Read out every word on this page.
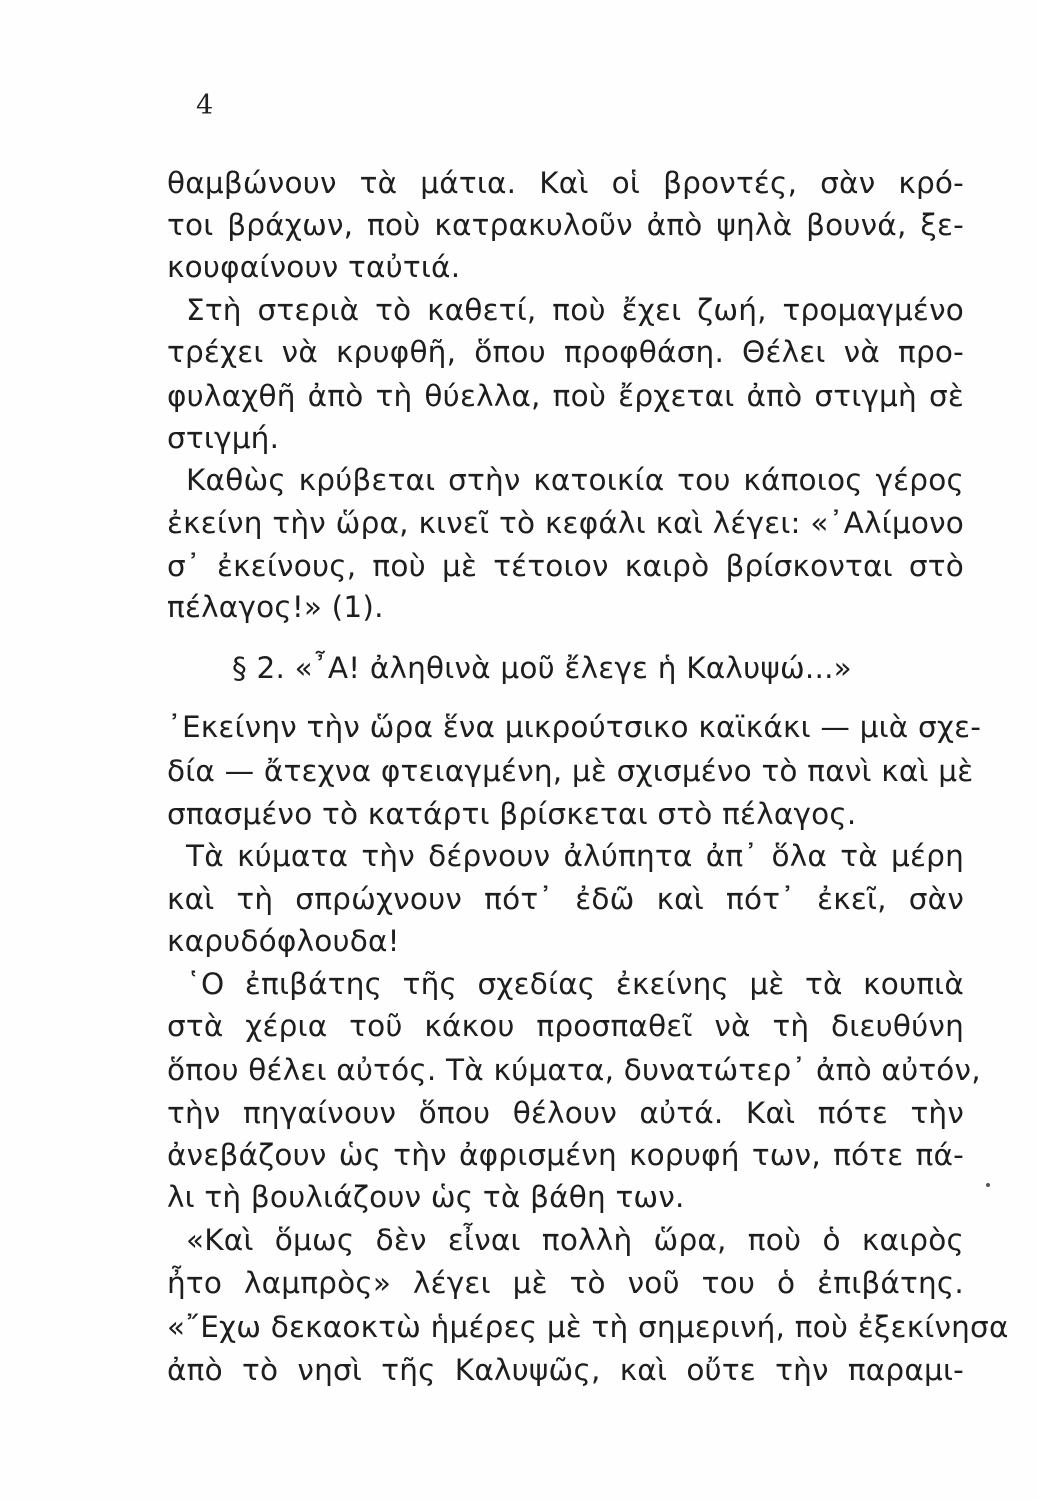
4
θαμβώνουν τὰ μάτια. Καὶ οἱ βροντές, σὰν κρό-
τοι βράχων, ποὺ κατρακυλοῦν ἀπὸ ψηλὰ βουνά, ξε-
κουφαίνουν ταὐτιά.
Στὴ στεριὰ τὸ καθετί, ποὺ ἔχει ζωή, τρομαγμένο
τρέχει νὰ κρυφθῆ, ὅπου προφθάση. Θέλει νὰ προ-
φυλαχθῆ ἀπὸ τὴ θύελλα, ποὺ ἔρχεται ἀπὸ στιγμὴ σὲ
στιγμή.
Καθὼς κρύβεται στὴν κατοικία του κάποιος γέρος
ἐκείνη τὴν ὥρα, κινεῖ τὸ κεφάλι καὶ λέγει: «᾿Αλίμονο
σ᾿ ἐκείνους, ποὺ μὲ τέτοιον καιρὸ βρίσκονται στὸ
πέλαγος!» (1).
§ 2. «῏Α! ἀληθινὰ μοῦ ἔλεγε ἡ Καλυψώ...»
᾿Εκείνην τὴν ὥρα ἕνα μικρούτσικο καϊκάκι — μιὰ σχε-
δία — ἄτεχνα φτειαγμένη, μὲ σχισμένο τὸ πανὶ καὶ μὲ
σπασμένο τὸ κατάρτι βρίσκεται στὸ πέλαγος.
Τὰ κύματα τὴν δέρνουν ἀλύπητα ἀπ᾿ ὅλα τὰ μέρη
καὶ τὴ σπρώχνουν πότ᾿ ἐδῶ καὶ πότ᾿ ἐκεῖ, σὰν
καρυδόφλουδα!
῾Ο ἐπιβάτης τῆς σχεδίας ἐκείνης μὲ τὰ κουπιὰ
στὰ χέρια τοῦ κάκου προσπαθεῖ νὰ τὴ διευθύνη
ὅπου θέλει αὐτός. Τὰ κύματα, δυνατώτερ᾿ ἀπὸ αὐτόν,
τὴν πηγαίνουν ὅπου θέλουν αὐτά. Καὶ πότε τὴν
ἀνεβάζουν ὡς τὴν ἀφρισμένη κορυφή των, πότε πά-
λι τὴ βουλιάζουν ὡς τὰ βάθη των.
«Καὶ ὅμως δὲν εἶναι πολλὴ ὥρα, ποὺ ὁ καιρὸς
ἦτο λαμπρὸς» λέγει μὲ τὸ νοῦ του ὁ ἐπιβάτης.
«῎Εχω δεκαοκτὼ ἡμέρες μὲ τὴ σημερινή, ποὺ ἐξεκίνησα
ἀπὸ τὸ νησὶ τῆς Καλυψῶς, καὶ οὔτε τὴν παραμι-
